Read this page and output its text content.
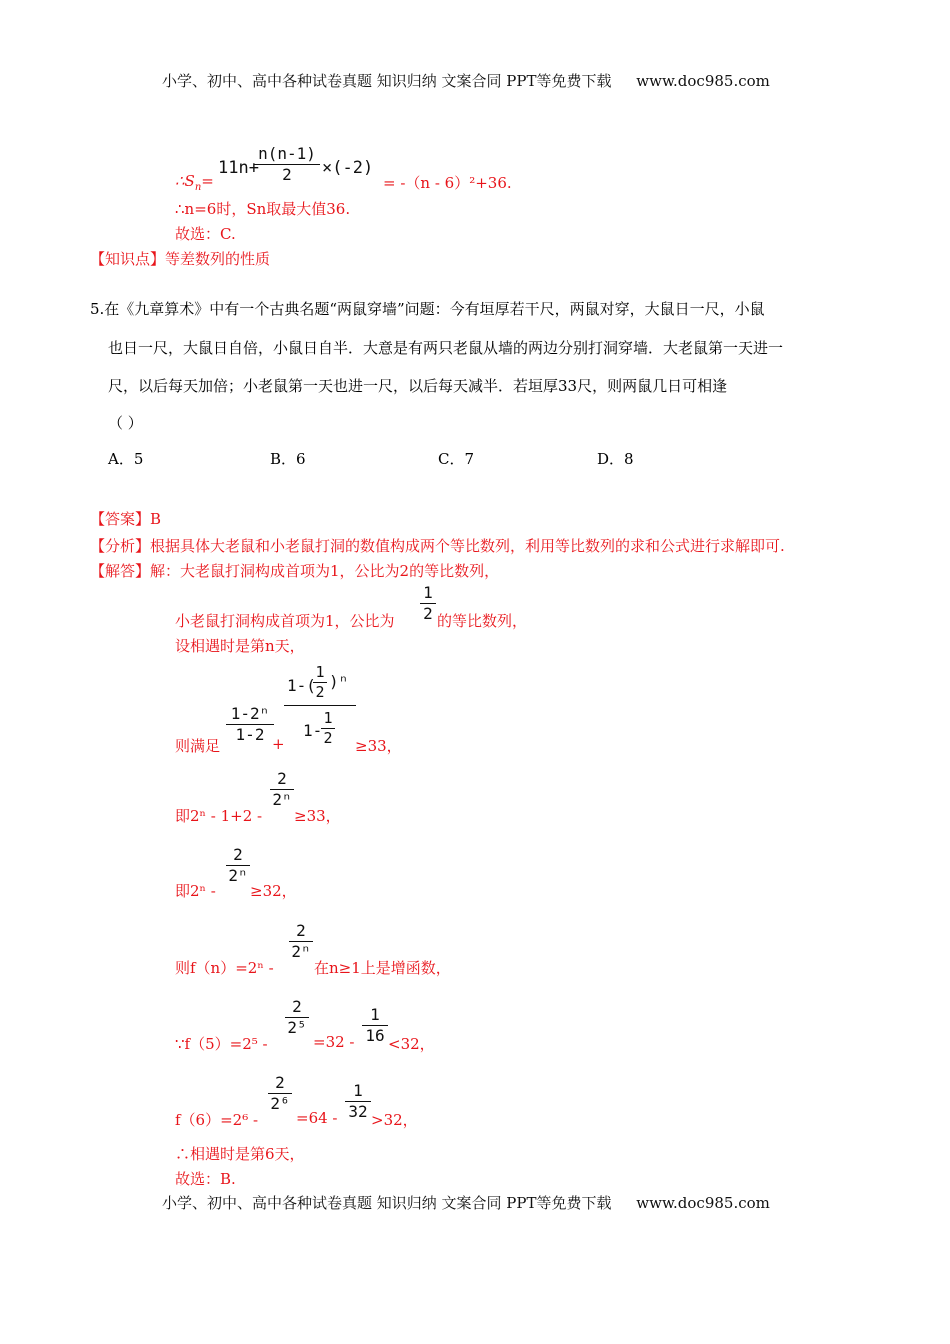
小学、初中、高中各种试卷真题 知识归纳 文案合同 PPT等免费下载 www.doc985.com
$\therefore S_n=$
11n+
n(n-1)
2	×(-2)
= -（n - 6）²+36.
∴n=6时，Sn取最大值36.
故选：C.
【知识点】等差数列的性质
5.在《九章算术》中有一个古典名题“两鼠穿墙”问题：今有垣厚若干尺，两鼠对穿，大鼠日一尺，小鼠
也日一尺，大鼠日自倍，小鼠日自半．大意是有两只老鼠从墙的两边分别打洞穿墙．大老鼠第一天进一
尺，以后每天加倍；小老鼠第一天也进一尺，以后每天减半．若垣厚33尺，则两鼠几日可相逢
（ ）
A．5	B．6	C．7	D．8
【答案】B
【分析】根据具体大老鼠和小老鼠打洞的数值构成两个等比数列，利用等比数列的求和公式进行求解即可.
【解答】解：大老鼠打洞构成首项为1，公比为2的等比数列，
小老鼠打洞构成首项为1，公比为
1
2 的等比数列，
设相遇时是第n天，
则满足
1-2ⁿ
1-2 +
1-(
1
2
)ⁿ
1-
1
2 ≥33，
即2ⁿ - 1+2 -
2
2ⁿ
≥33，
即2ⁿ -
2
2ⁿ
≥32，
则f（n）=2ⁿ -
2
2ⁿ
在n≥1上是增函数，
∵f（5）=2⁵ -
2
2⁵
=32 -
1
16 <32，
f（6）=2⁶ -
2
2⁶
=64 -
1
32 >32，
∴相遇时是第6天，
故选：B.
小学、初中、高中各种试卷真题 知识归纳 文案合同 PPT等免费下载 www.doc985.com
